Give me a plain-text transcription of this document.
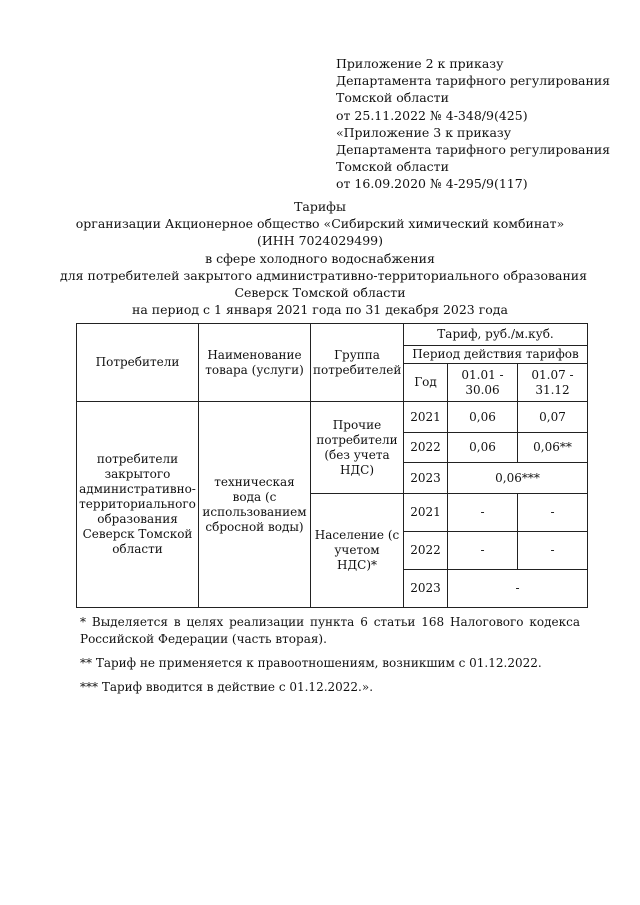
Приложение 2 к приказу
Департамента тарифного регулирования
Томской области
от 25.11.2022 № 4-348/9(425)
«Приложение 3 к приказу
Департамента тарифного регулирования
Томской области
от 16.09.2020 № 4-295/9(117)
Тарифы
организации Акционерное общество «Сибирский химический комбинат»
(ИНН 7024029499)
в сфере холодного водоснабжения
для потребителей закрытого административно-территориального образования
Северск Томской области
на период с 1 января 2021 года по 31 декабря 2023 года
Потребители	Наименование товара (услуги)	Группа потребителей	Тариф, руб./м.куб.		
			Период действия тарифов		
			Год	01.01 - 30.06	01.07 - 31.12
потребители закрытого административно-территориального образования Северск Томской области	техническая вода (с использованием сбросной воды)	Прочие потребители (без учета НДС)	2021	0,06	0,07
			2022	0,06	0,06**
			2023	0,06***	
		Население (с учетом НДС)*	2021	-	-
			2022	-	-
			2023	-	

* Выделяется в целях реализации пункта 6 статьи 168 Налогового кодекса Российской Федерации (часть вторая).

** Тариф не применяется к правоотношениям, возникшим с 01.12.2022.

*** Тариф вводится в действие с 01.12.2022.».
